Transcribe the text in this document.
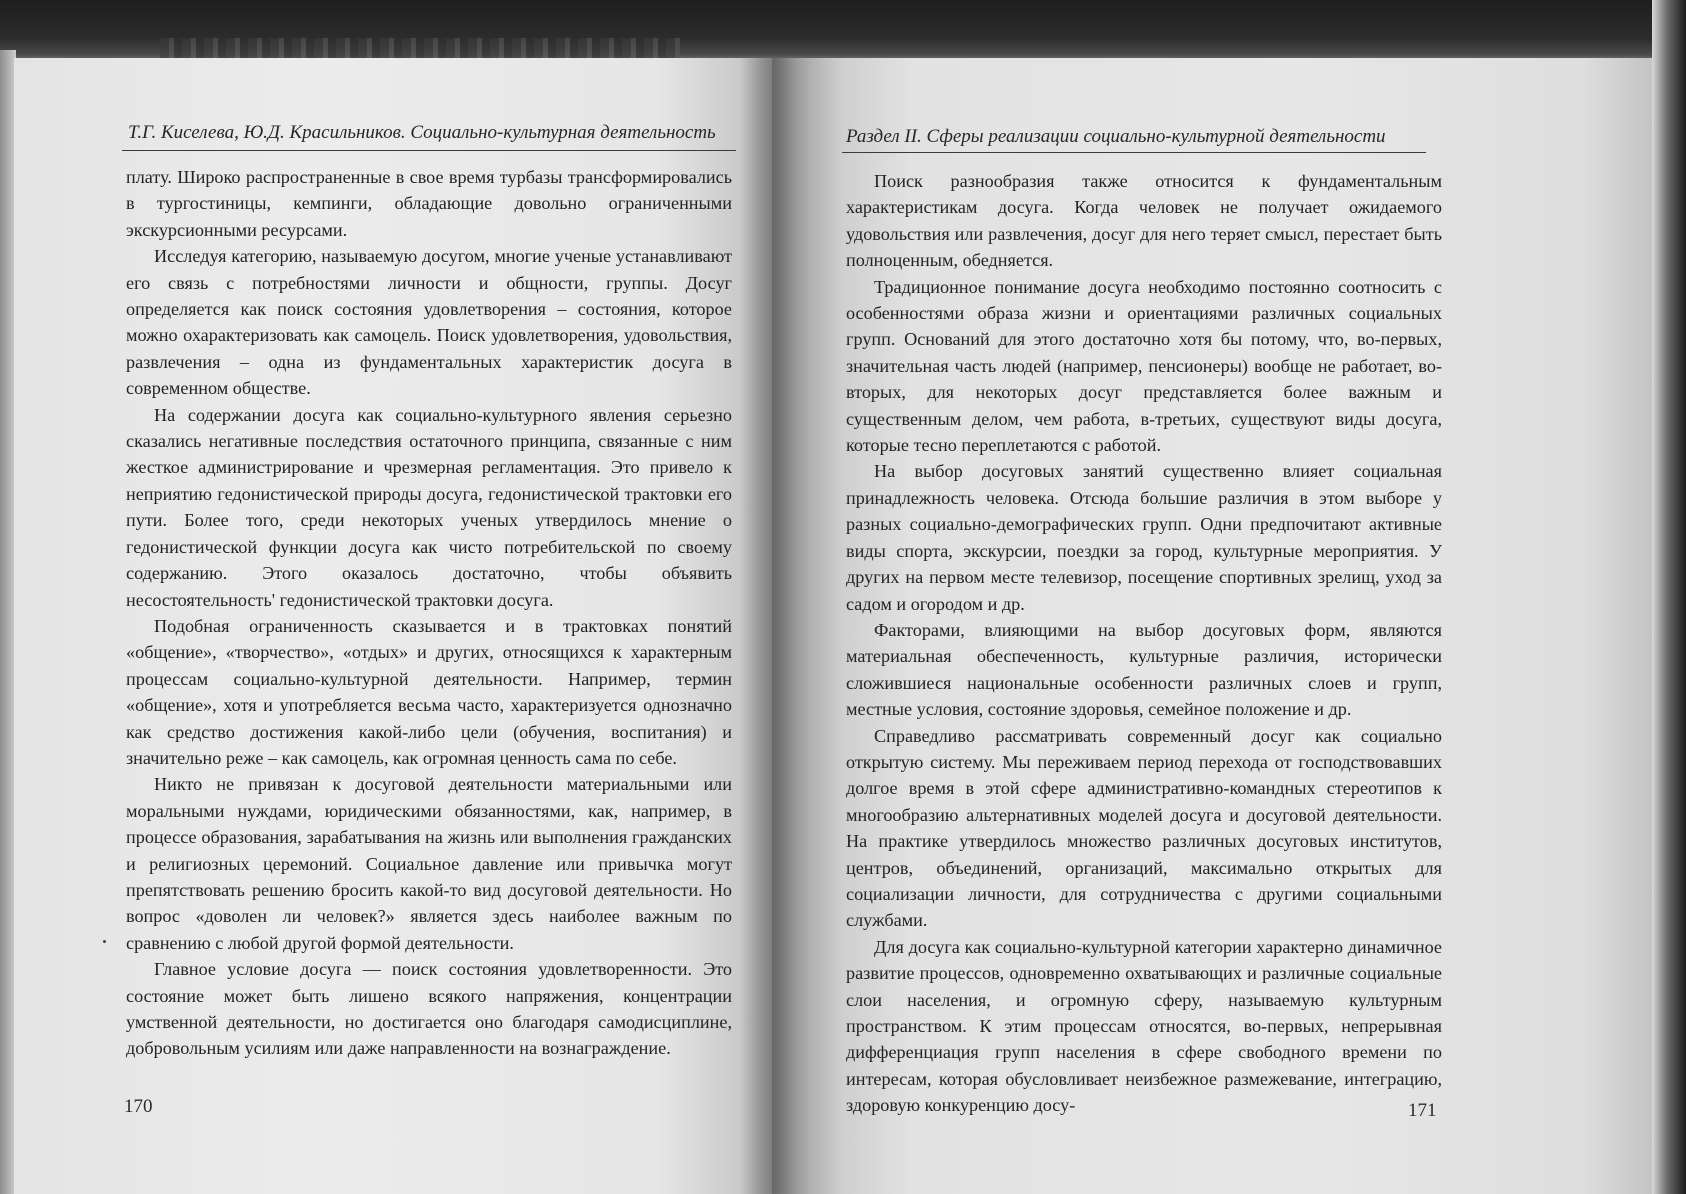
Т.Г. Киселева, Ю.Д. Красильников. Социально-культурная деятельность

плату. Широко распространенные в свое время турбазы трансформировались в тургостиницы, кемпинги, обладающие довольно ограниченными экскурсионными ресурсами.

Исследуя категорию, называемую досугом, многие ученые устанавливают его связь с потребностями личности и общности, группы. Досуг определяется как поиск состояния удовлетворения – состояния, которое можно охарактеризовать как самоцель. Поиск удовлетворения, удовольствия, развлечения – одна из фундаментальных характеристик досуга в современном обществе.

На содержании досуга как социально-культурного явления серьезно сказались негативные последствия остаточного принципа, связанные с ним жесткое администрирование и чрезмерная регламентация. Это привело к неприятию гедонистической природы досуга, гедонистической трактовки его пути. Более того, среди некоторых ученых утвердилось мнение о гедонистической функции досуга как чисто потребительской по своему содержанию. Этого оказалось достаточно, чтобы объявить несостоятельность' гедонистической трактовки досуга.

Подобная ограниченность сказывается и в трактовках понятий «общение», «творчество», «отдых» и других, относящихся к характерным процессам социально-культурной деятельности. Например, термин «общение», хотя и употребляется весьма часто, характеризуется однозначно как средство достижения какой-либо цели (обучения, воспитания) и значительно реже – как самоцель, как огромная ценность сама по себе.

Никто не привязан к досуговой деятельности материальными или моральными нуждами, юридическими обязанностями, как, например, в процессе образования, зарабатывания на жизнь или выполнения гражданских и религиозных церемоний. Социальное давление или привычка могут препятствовать решению бросить какой-то вид досуговой деятельности. Но вопрос «доволен ли человек?» является здесь наиболее важным по сравнению с любой другой формой деятельности.

Главное условие досуга — поиск состояния удовлетворенности. Это состояние может быть лишено всякого напряжения, концентрации умственной деятельности, но достигается оно благодаря самодисциплине, добровольным усилиям или даже направленности на вознаграждение.

170
Раздел II. Сферы реализации социально-культурной деятельности

Поиск разнообразия также относится к фундаментальным характеристикам досуга. Когда человек не получает ожидаемого удовольствия или развлечения, досуг для него теряет смысл, перестает быть полноценным, обедняется.

Традиционное понимание досуга необходимо постоянно соотносить с особенностями образа жизни и ориентациями различных социальных групп. Оснований для этого достаточно хотя бы потому, что, во-первых, значительная часть людей (например, пенсионеры) вообще не работает, во-вторых, для некоторых досуг представляется более важным и существенным делом, чем работа, в-третьих, существуют виды досуга, которые тесно переплетаются с работой.

На выбор досуговых занятий существенно влияет социальная принадлежность человека. Отсюда большие различия в этом выборе у разных социально-демографических групп. Одни предпочитают активные виды спорта, экскурсии, поездки за город, культурные мероприятия. У других на первом месте телевизор, посещение спортивных зрелищ, уход за садом и огородом и др.

Факторами, влияющими на выбор досуговых форм, являются материальная обеспеченность, культурные различия, исторически сложившиеся национальные особенности различных слоев и групп, местные условия, состояние здоровья, семейное положение и др.

Справедливо рассматривать современный досуг как социально открытую систему. Мы переживаем период перехода от господствовавших долгое время в этой сфере административно-командных стереотипов к многообразию альтернативных моделей досуга и досуговой деятельности. На практике утвердилось множество различных досуговых институтов, центров, объединений, организаций, максимально открытых для социализации личности, для сотрудничества с другими социальными службами.

Для досуга как социально-культурной категории характерно динамичное развитие процессов, одновременно охватывающих и различные социальные слои населения, и огромную сферу, называемую культурным пространством. К этим процессам относятся, во-первых, непрерывная дифференциация групп населения в сфере свободного времени по интересам, которая обусловливает неизбежное размежевание, интеграцию, здоровую конкуренцию досу-	171
